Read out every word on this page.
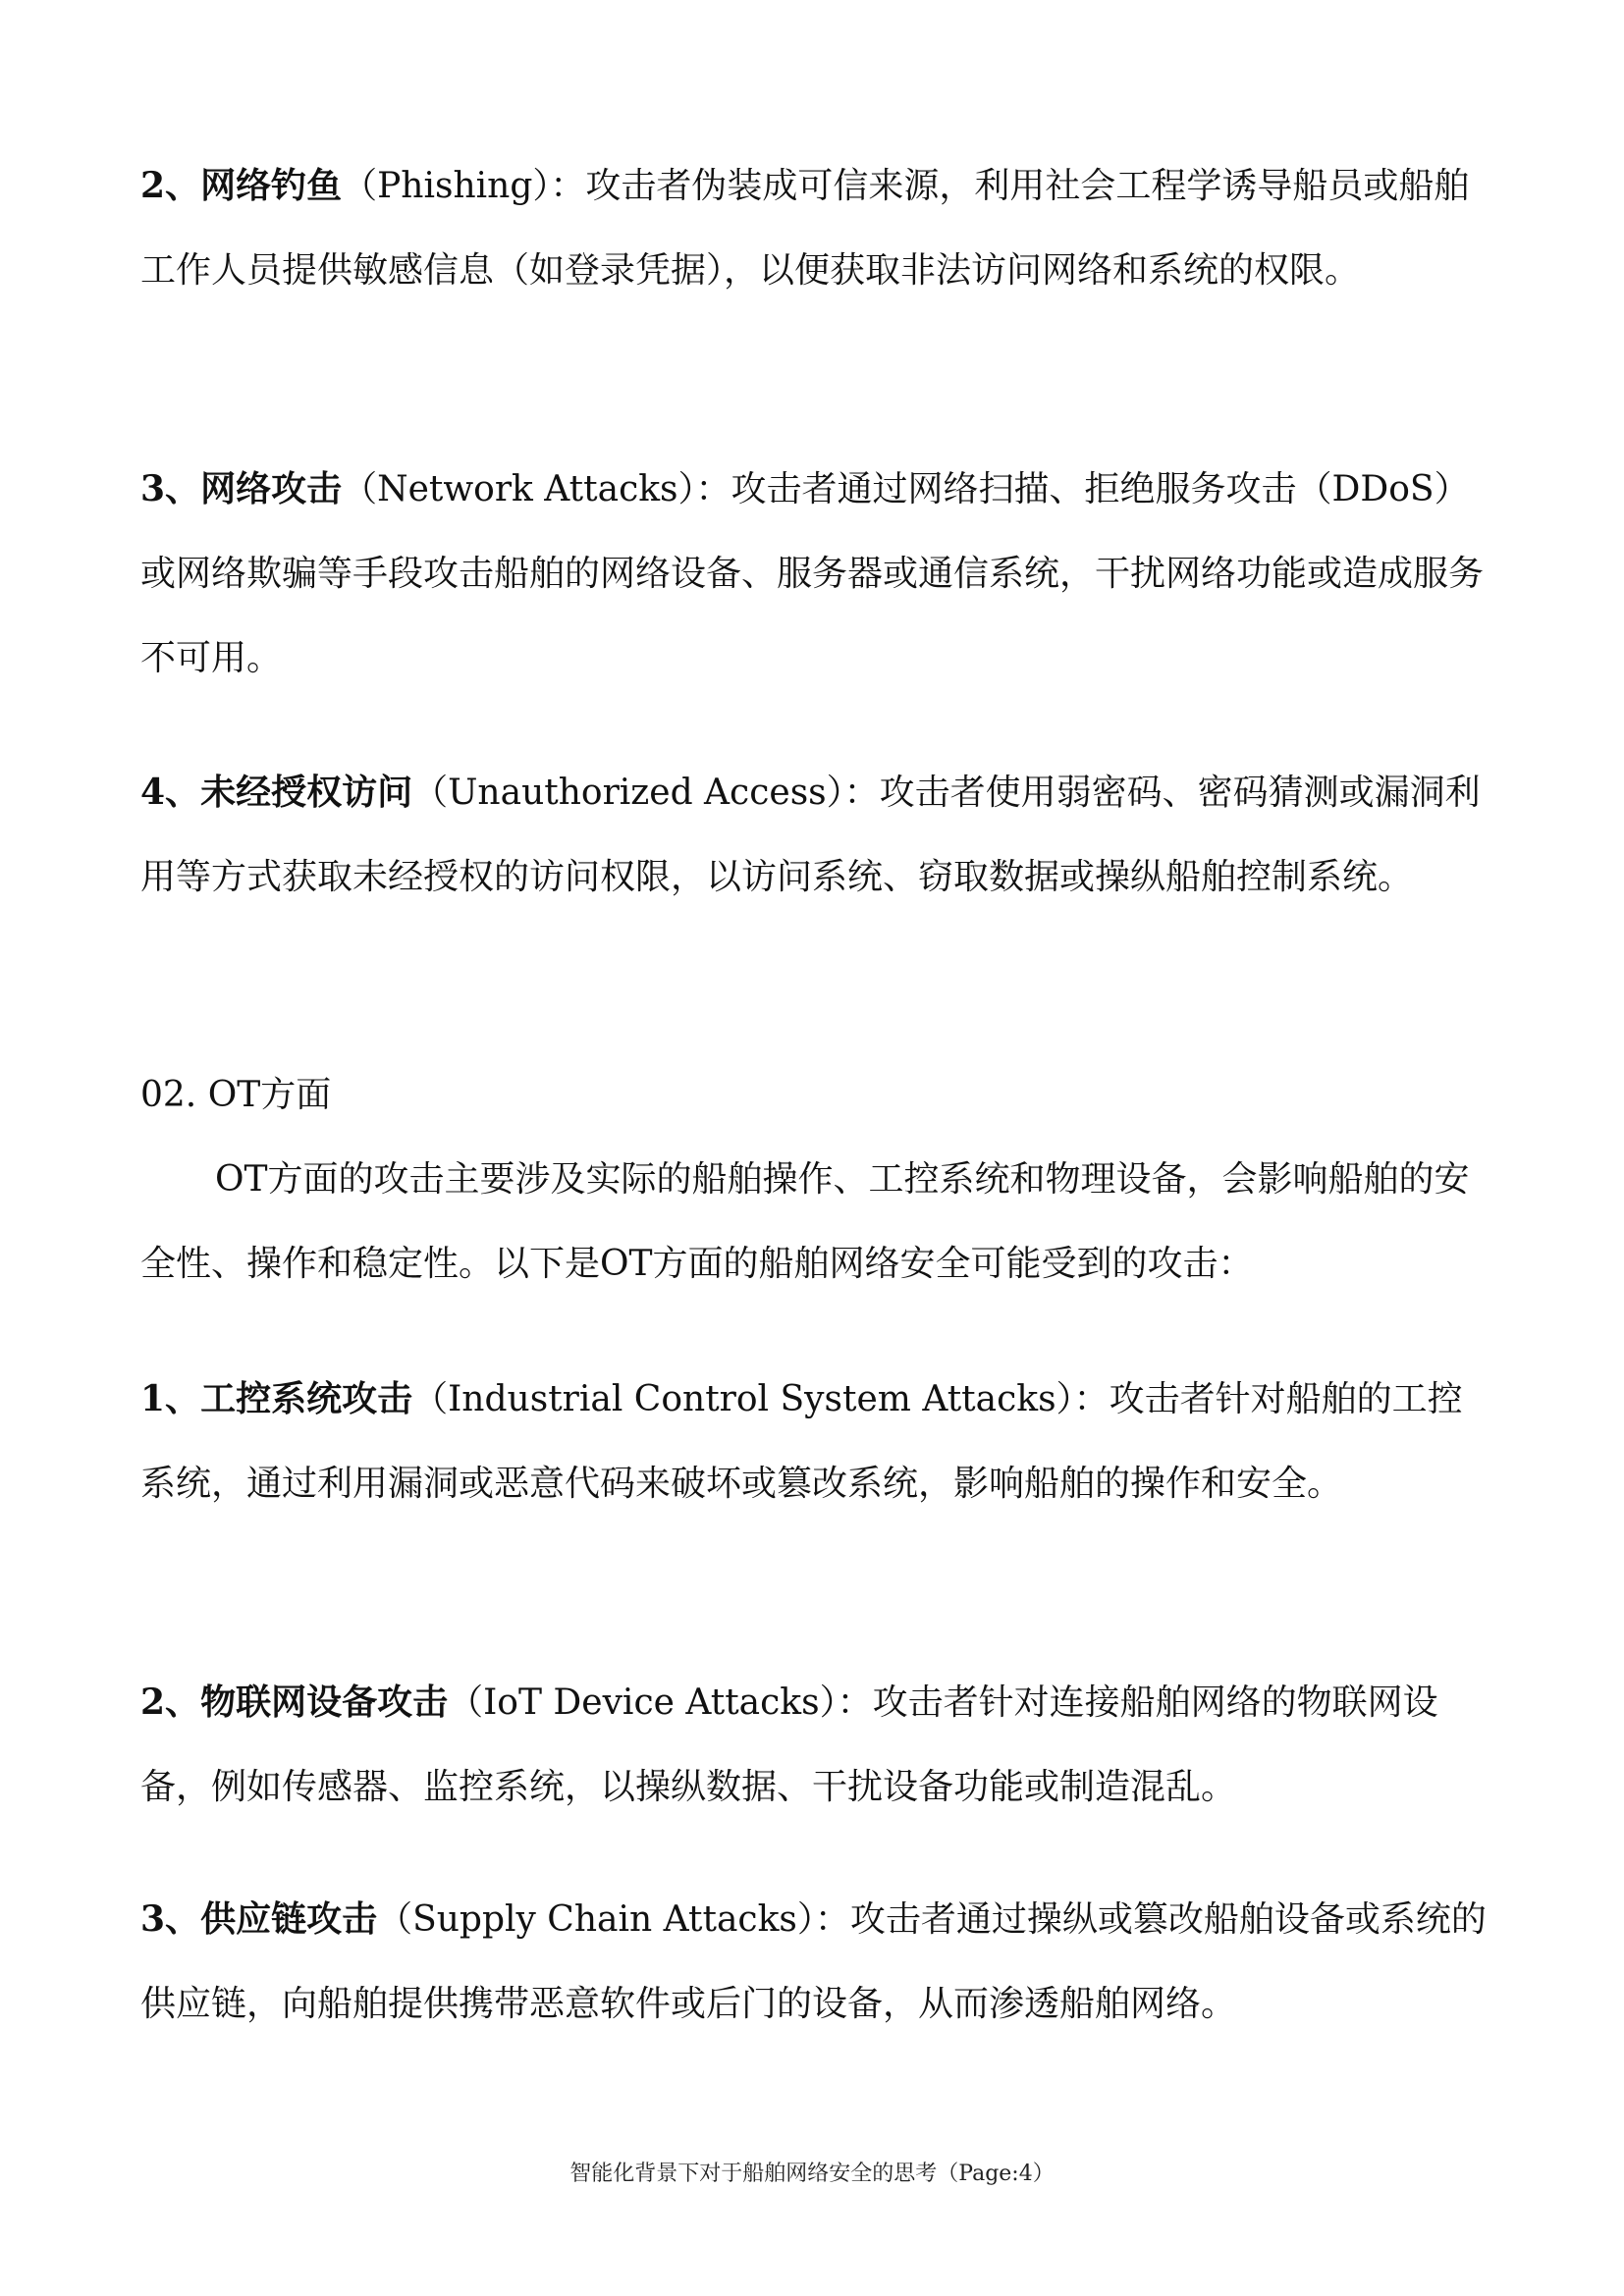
2、网络钓鱼（Phishing）：攻击者伪装成可信来源，利用社会工程学诱导船员或船舶工作人员提供敏感信息（如登录凭据），以便获取非法访问网络和系统的权限。

3、网络攻击（Network Attacks）：攻击者通过网络扫描、拒绝服务攻击（DDoS）或网络欺骗等手段攻击船舶的网络设备、服务器或通信系统，干扰网络功能或造成服务不可用。

4、未经授权访问（Unauthorized Access）：攻击者使用弱密码、密码猜测或漏洞利用等方式获取未经授权的访问权限，以访问系统、窃取数据或操纵船舶控制系统。

02. OT方面

OT方面的攻击主要涉及实际的船舶操作、工控系统和物理设备，会影响船舶的安全性、操作和稳定性。以下是OT方面的船舶网络安全可能受到的攻击：

1、工控系统攻击（Industrial Control System Attacks）：攻击者针对船舶的工控系统，通过利用漏洞或恶意代码来破坏或篡改系统，影响船舶的操作和安全。

2、物联网设备攻击（IoT Device Attacks）：攻击者针对连接船舶网络的物联网设备，例如传感器、监控系统，以操纵数据、干扰设备功能或制造混乱。

3、供应链攻击（Supply Chain Attacks）：攻击者通过操纵或篡改船舶设备或系统的供应链，向船舶提供携带恶意软件或后门的设备，从而渗透船舶网络。

智能化背景下对于船舶网络安全的思考（Page:4）
